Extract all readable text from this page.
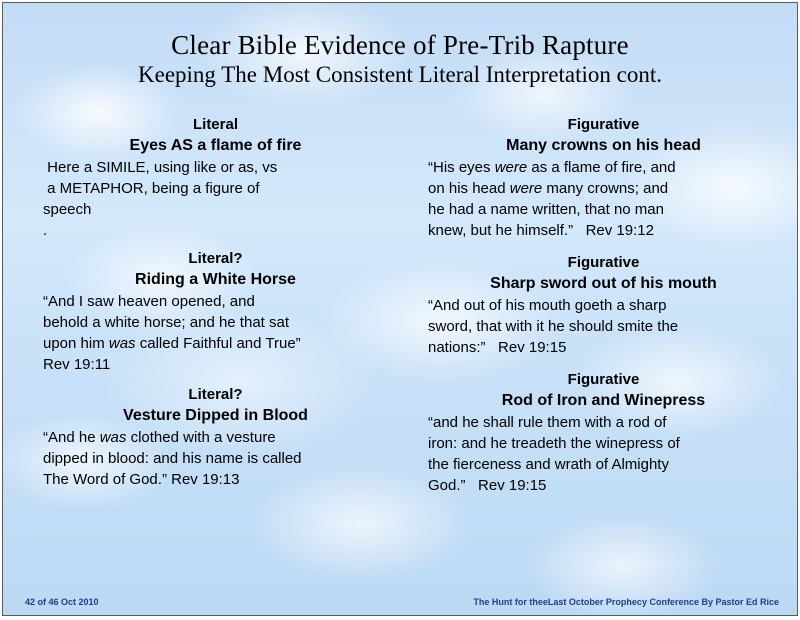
Clear Bible Evidence of Pre-Trib Rapture
Keeping The Most Consistent Literal Interpretation cont.
Literal
Eyes AS a flame of fire
Here a SIMILE, using like or as, vs
a METAPHOR, being a figure of
speech
.
Literal?
Riding a White Horse
“And I saw heaven opened, and
behold a white horse; and he that sat
upon him was called Faithful and True”
Rev 19:11
Literal?
Vesture Dipped in Blood
“And he was clothed with a vesture
dipped in blood: and his name is called
The Word of God.” Rev 19:13
Figurative
Many crowns on his head
“His eyes were as a flame of fire, and
on his head were many crowns; and
he had a name written, that no man
knew, but he himself.”   Rev 19:12
Figurative
Sharp sword out of his mouth
“And out of his mouth goeth a sharp
sword, that with it he should smite the
nations:”   Rev 19:15
Figurative
Rod of Iron and Winepress
“and he shall rule them with a rod of
iron: and he treadeth the winepress of
the fierceness and wrath of Almighty
God.”   Rev 19:15
42 of 46 Oct 2010	The Hunt for theeLast October Prophecy Conference By Pastor Ed Rice
